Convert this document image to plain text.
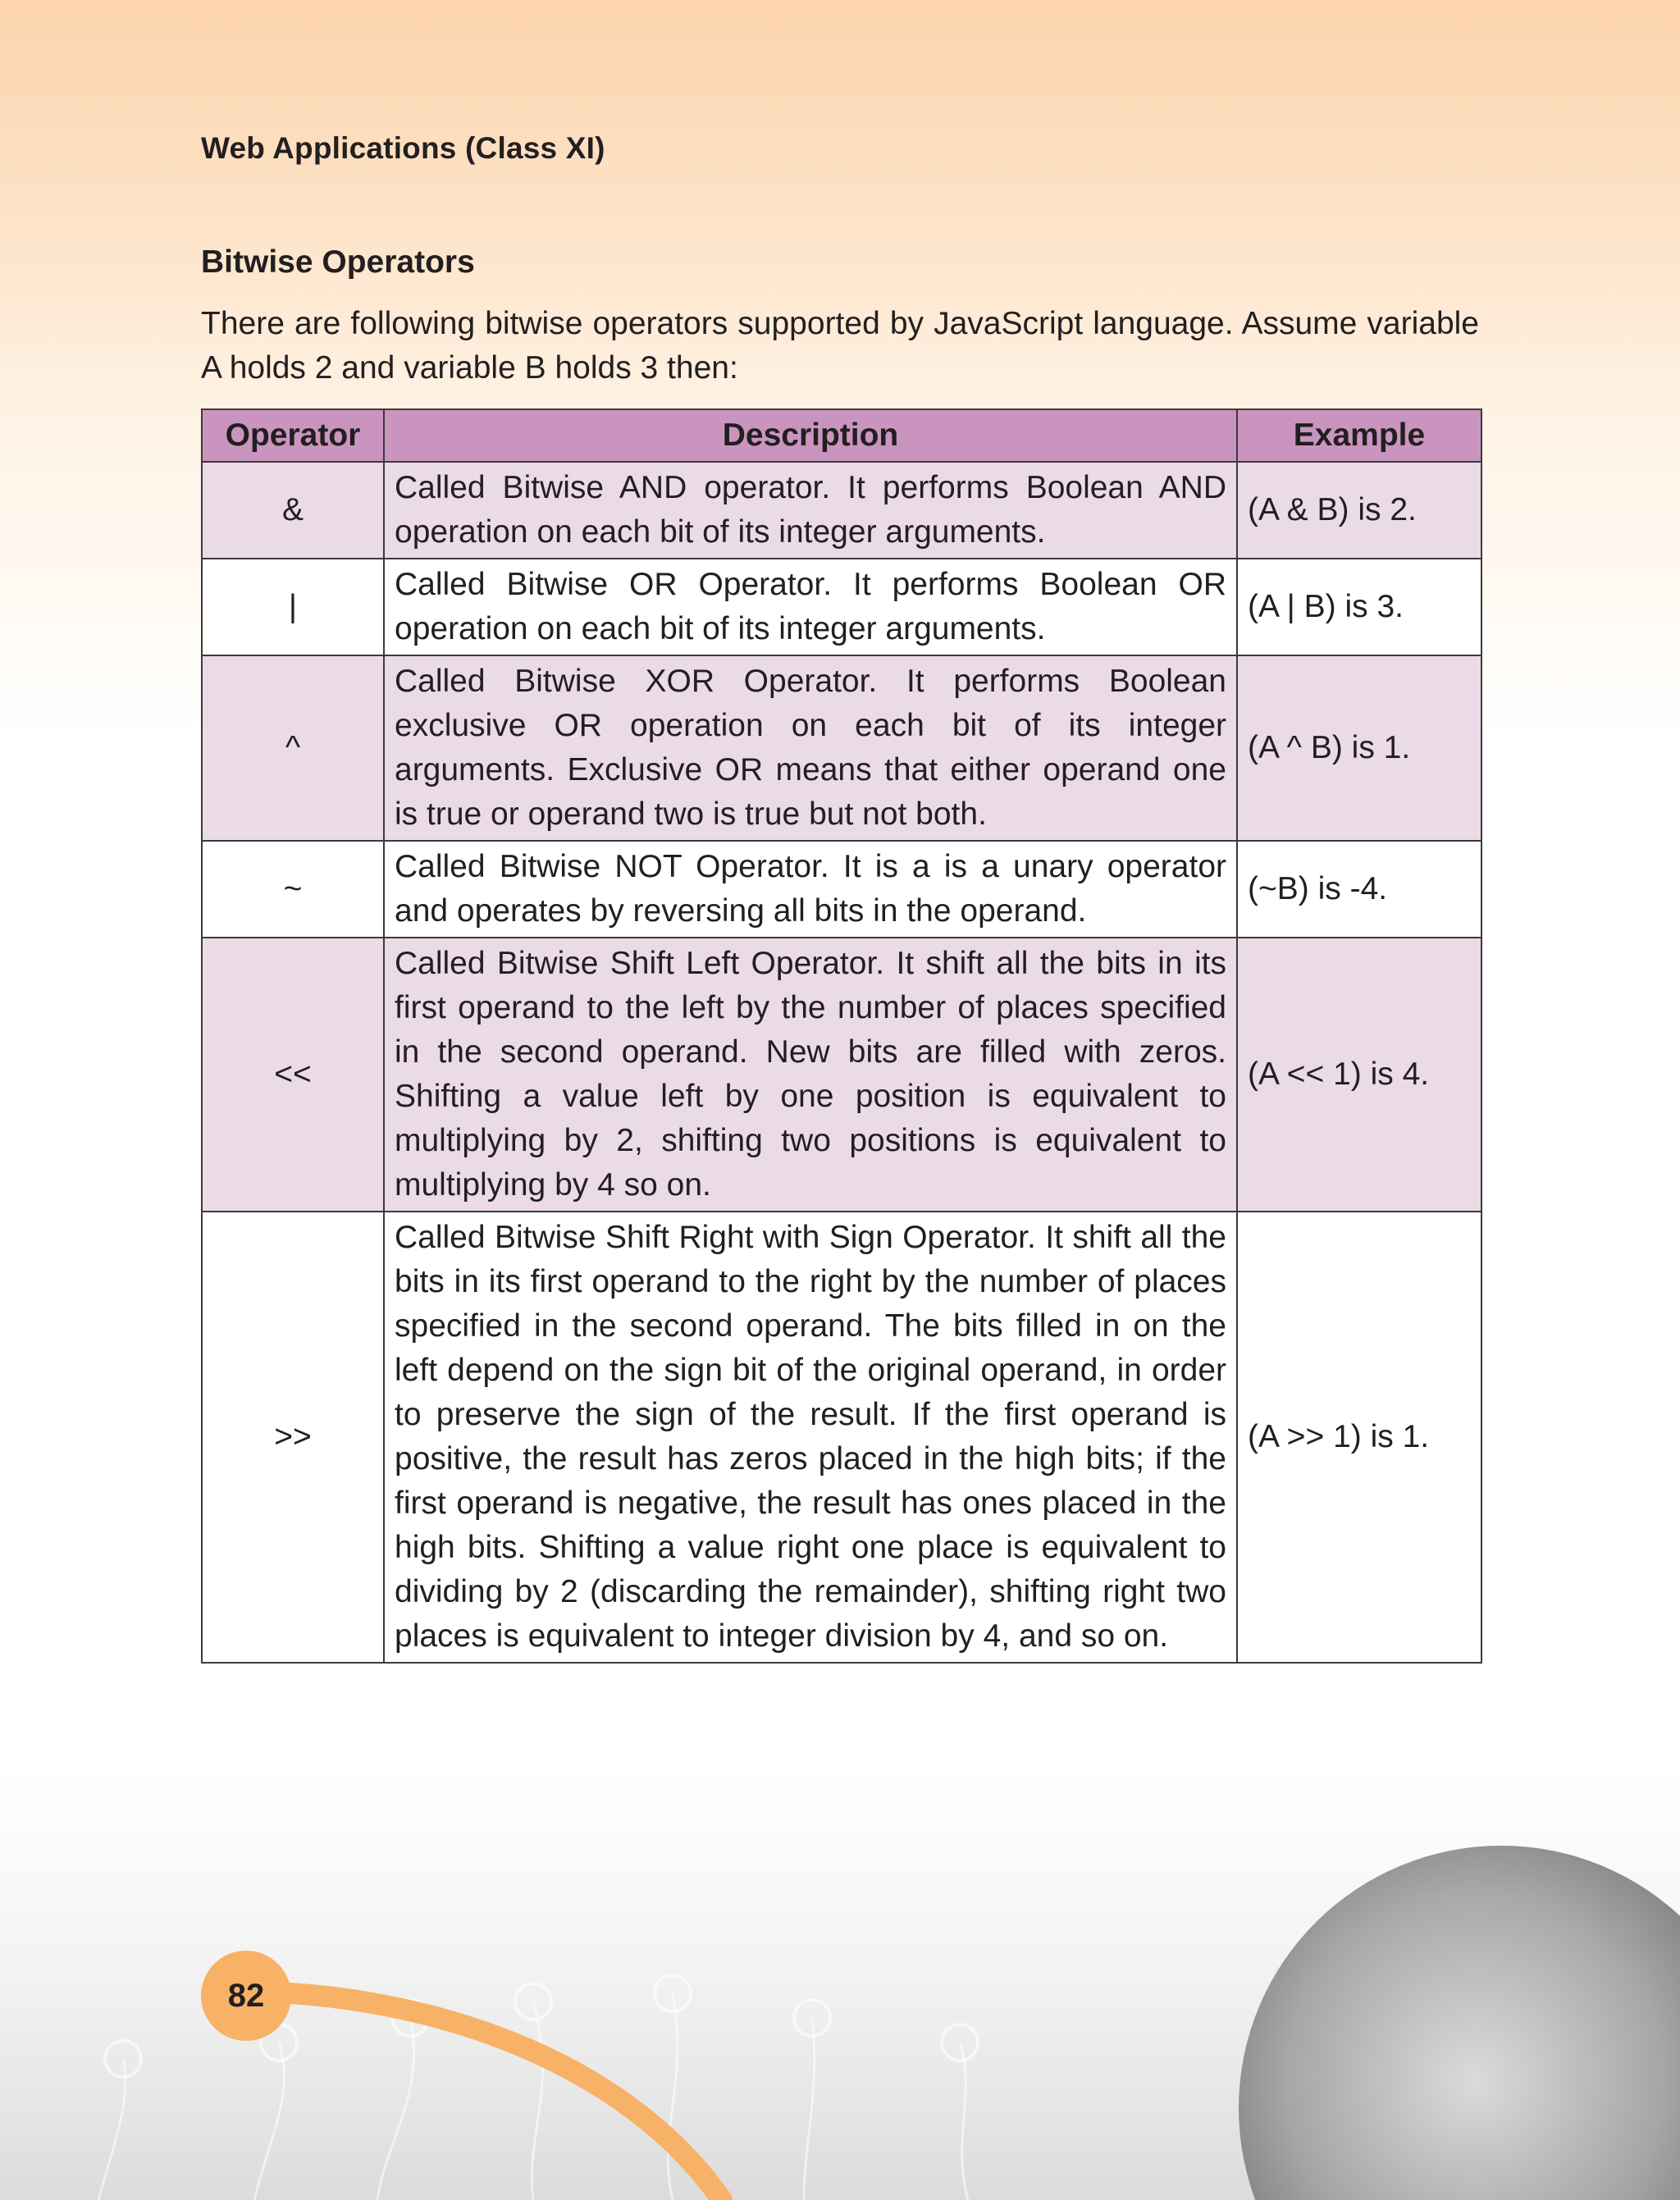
Web Applications (Class XI)

Bitwise Operators

There are following bitwise operators supported by JavaScript language. Assume variable A holds 2 and variable B holds 3 then:

Operator	Description	Example
&	Called Bitwise AND operator. It performs Boolean AND operation on each bit of its integer arguments.	(A & B) is 2.
|	Called Bitwise OR Operator. It performs Boolean OR operation on each bit of its integer arguments.	(A | B) is 3.
^	Called Bitwise XOR Operator. It performs Boolean exclusive OR operation on each bit of its integer arguments. Exclusive OR means that either operand one is true or operand two is true but not both.	(A ^ B) is 1.
~	Called Bitwise NOT Operator. It is a is a unary operator and operates by reversing all bits in the operand.	(~B) is -4.
<<	Called Bitwise Shift Left Operator. It shift all the bits in its first operand to the left by the number of places specified in the second operand. New bits are filled with zeros. Shifting a value left by one position is equivalent to multiplying by 2, shifting two positions is equivalent to multiplying by 4 so on.	(A << 1) is 4.
>>	Called Bitwise Shift Right with Sign Operator. It shift all the bits in its first operand to the right by the number of places specified in the second operand. The bits filled in on the left depend on the sign bit of the original operand, in order to preserve the sign of the result. If the first operand is positive, the result has zeros placed in the high bits; if the first operand is negative, the result has ones placed in the high bits. Shifting a value right one place is equivalent to dividing by 2 (discarding the remainder), shifting right two places is equivalent to integer division by 4, and so on.	(A >> 1) is 1.
82
